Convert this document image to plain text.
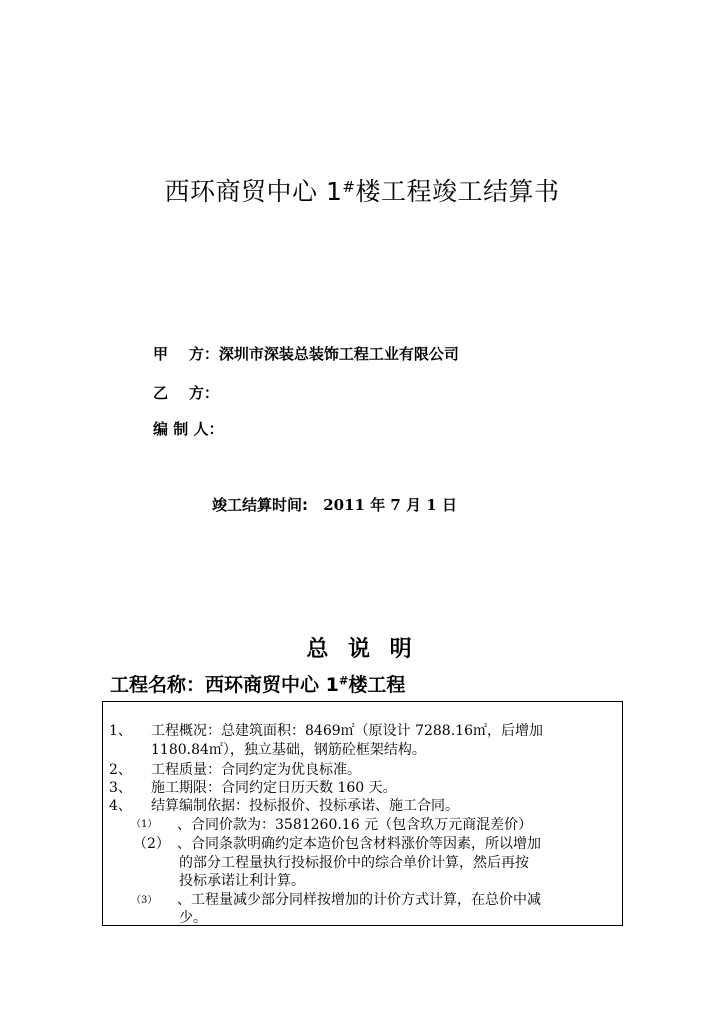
西环商贸中心 1#楼工程竣工结算书
甲    方：深圳市深装总装饰工程工业有限公司
乙    方：
编 制 人：
竣工结算时间: 2011 年 7 月 1 日
总 说 明
工程名称：西环商贸中心 1#楼工程
1、 工程概况：总建筑面积：8469㎡（原设计 7288.16㎡，后增加
1180.84㎡），独立基础，钢筋砼框架结构。
2、 工程质量：合同约定为优良标准。
3、 施工期限：合同约定日历天数 160 天。
4、 结算编制依据：投标报价、投标承诺、施工合同。
（1） 、合同价款为：3581260.16 元（包含玖万元商混差价）
（2） 、合同条款明确约定本造价包含材料涨价等因素，所以增加
的部分工程量执行投标报价中的综合单价计算，然后再按
投标承诺让利计算。
（3） 、工程量减少部分同样按增加的计价方式计算，在总价中减
少。
